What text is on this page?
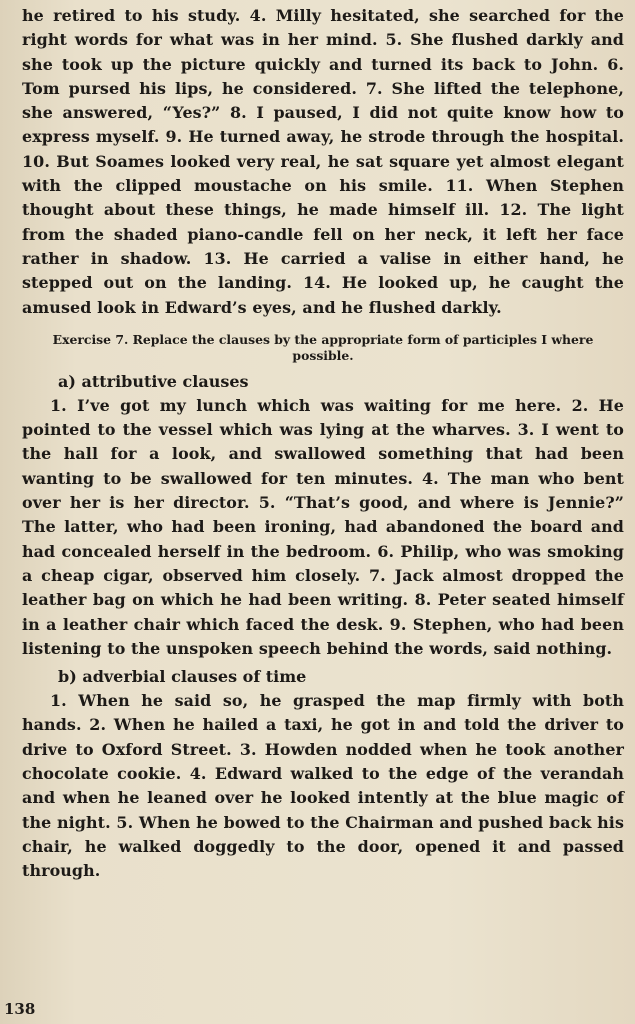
he retired to his study. 4. Milly hesitated, she searched for the right words for what was in her mind. 5. She flushed darkly and she took up the picture quickly and turned its back to John. 6. Tom pursed his lips, he considered. 7. She lifted the telephone, she answered, “Yes?” 8. I paused, I did not quite know how to express myself. 9. He turned away, he strode through the hospital. 10. But Soames looked very real, he sat square yet almost elegant with the clipped moustache on his smile. 11. When Stephen thought about these things, he made himself ill. 12. The light from the shaded piano-candle fell on her neck, it left her face rather in shadow. 13. He carried a valise in either hand, he stepped out on the landing. 14. He looked up, he caught the amused look in Edward’s eyes, and he flushed darkly.

Exercise 7. Replace the clauses by the appropriate form of participles I where possible.

a) attributive clauses

1. I’ve got my lunch which was waiting for me here. 2. He pointed to the vessel which was lying at the wharves. 3. I went to the hall for a look, and swallowed something that had been wanting to be swallowed for ten minutes. 4. The man who bent over her is her director. 5. “That’s good, and where is Jennie?” The latter, who had been ironing, had abandoned the board and had concealed herself in the bedroom. 6. Philip, who was smoking a cheap cigar, observed him closely. 7. Jack almost dropped the leather bag on which he had been writing. 8. Peter seated himself in a leather chair which faced the desk. 9. Stephen, who had been listening to the unspoken speech behind the words, said nothing.

b) adverbial clauses of time

1. When he said so, he grasped the map firmly with both hands. 2. When he hailed a taxi, he got in and told the driver to drive to Oxford Street. 3. Howden nodded when he took another chocolate cookie. 4. Edward walked to the edge of the verandah and when he leaned over he looked intently at the blue magic of the night. 5. When he bowed to the Chairman and pushed back his chair, he walked doggedly to the door, opened it and passed through.

138
